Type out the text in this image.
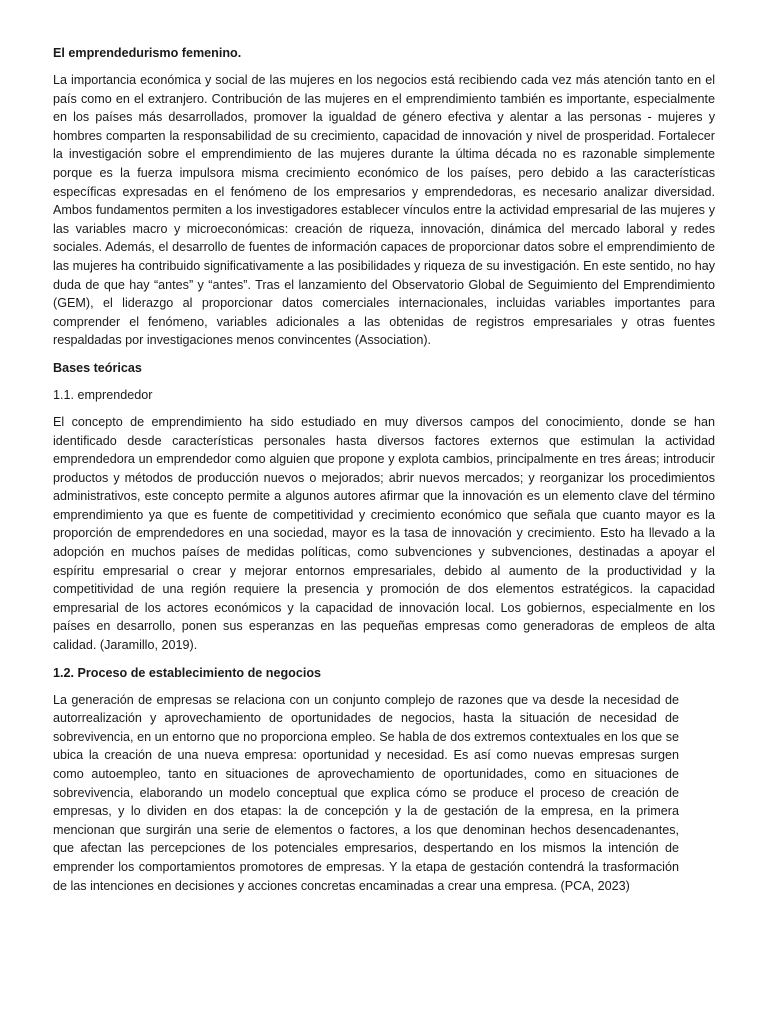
El emprendedurismo femenino.

La importancia económica y social de las mujeres en los negocios está recibiendo cada vez más atención tanto en el país como en el extranjero. Contribución de las mujeres en el emprendimiento también es importante, especialmente en los países más desarrollados, promover la igualdad de género efectiva y alentar a las personas - mujeres y hombres comparten la responsabilidad de su crecimiento, capacidad de innovación y nivel de prosperidad. Fortalecer la investigación sobre el emprendimiento de las mujeres durante la última década no es razonable simplemente porque es la fuerza impulsora misma crecimiento económico de los países, pero debido a las características específicas expresadas en el fenómeno de los empresarios y emprendedoras, es necesario analizar diversidad. Ambos fundamentos permiten a los investigadores establecer vínculos entre la actividad empresarial de las mujeres y las variables macro y microeconómicas: creación de riqueza, innovación, dinámica del mercado laboral y redes sociales. Además, el desarrollo de fuentes de información capaces de proporcionar datos sobre el emprendimiento de las mujeres ha contribuido significativamente a las posibilidades y riqueza de su investigación. En este sentido, no hay duda de que hay “antes” y “antes”. Tras el lanzamiento del Observatorio Global de Seguimiento del Emprendimiento (GEM), el liderazgo al proporcionar datos comerciales internacionales, incluidas variables importantes para comprender el fenómeno, variables adicionales a las obtenidas de registros empresariales y otras fuentes respaldadas por investigaciones menos convincentes (Association).

Bases teóricas
1.1. emprendedor

El concepto de emprendimiento ha sido estudiado en muy diversos campos del conocimiento, donde se han identificado desde características personales hasta diversos factores externos que estimulan la actividad emprendedora un emprendedor como alguien que propone y explota cambios, principalmente en tres áreas; introducir productos y métodos de producción nuevos o mejorados; abrir nuevos mercados; y reorganizar los procedimientos administrativos, este concepto permite a algunos autores afirmar que la innovación es un elemento clave del término emprendimiento ya que es fuente de competitividad y crecimiento económico que señala que cuanto mayor es la proporción de emprendedores en una sociedad, mayor es la tasa de innovación y crecimiento. Esto ha llevado a la adopción en muchos países de medidas políticas, como subvenciones y subvenciones, destinadas a apoyar el espíritu empresarial o crear y mejorar entornos empresariales, debido al aumento de la productividad y la competitividad de una región requiere la presencia y promoción de dos elementos estratégicos. la capacidad empresarial de los actores económicos y la capacidad de innovación local. Los gobiernos, especialmente en los países en desarrollo, ponen sus esperanzas en las pequeñas empresas como generadoras de empleos de alta calidad. (Jaramillo, 2019).

1.2. Proceso de establecimiento de negocios

La generación de empresas se relaciona con un conjunto complejo de razones que va desde la necesidad de autorrealización y aprovechamiento de oportunidades de negocios, hasta la situación de necesidad de sobrevivencia, en un entorno que no proporciona empleo. Se habla de dos extremos contextuales en los que se ubica la creación de una nueva empresa: oportunidad y necesidad. Es así como nuevas empresas surgen como autoempleo, tanto en situaciones de aprovechamiento de oportunidades, como en situaciones de sobrevivencia, elaborando un modelo conceptual que explica cómo se produce el proceso de creación de empresas, y lo dividen en dos etapas: la de concepción y la de gestación de la empresa, en la primera mencionan que surgirán una serie de elementos o factores, a los que denominan hechos desencadenantes, que afectan las percepciones de los potenciales empresarios, despertando en los mismos la intención de emprender los comportamientos promotores de empresas. Y la etapa de gestación contendrá la trasformación de las intenciones en decisiones y acciones concretas encaminadas a crear una empresa. (PCA, 2023)
